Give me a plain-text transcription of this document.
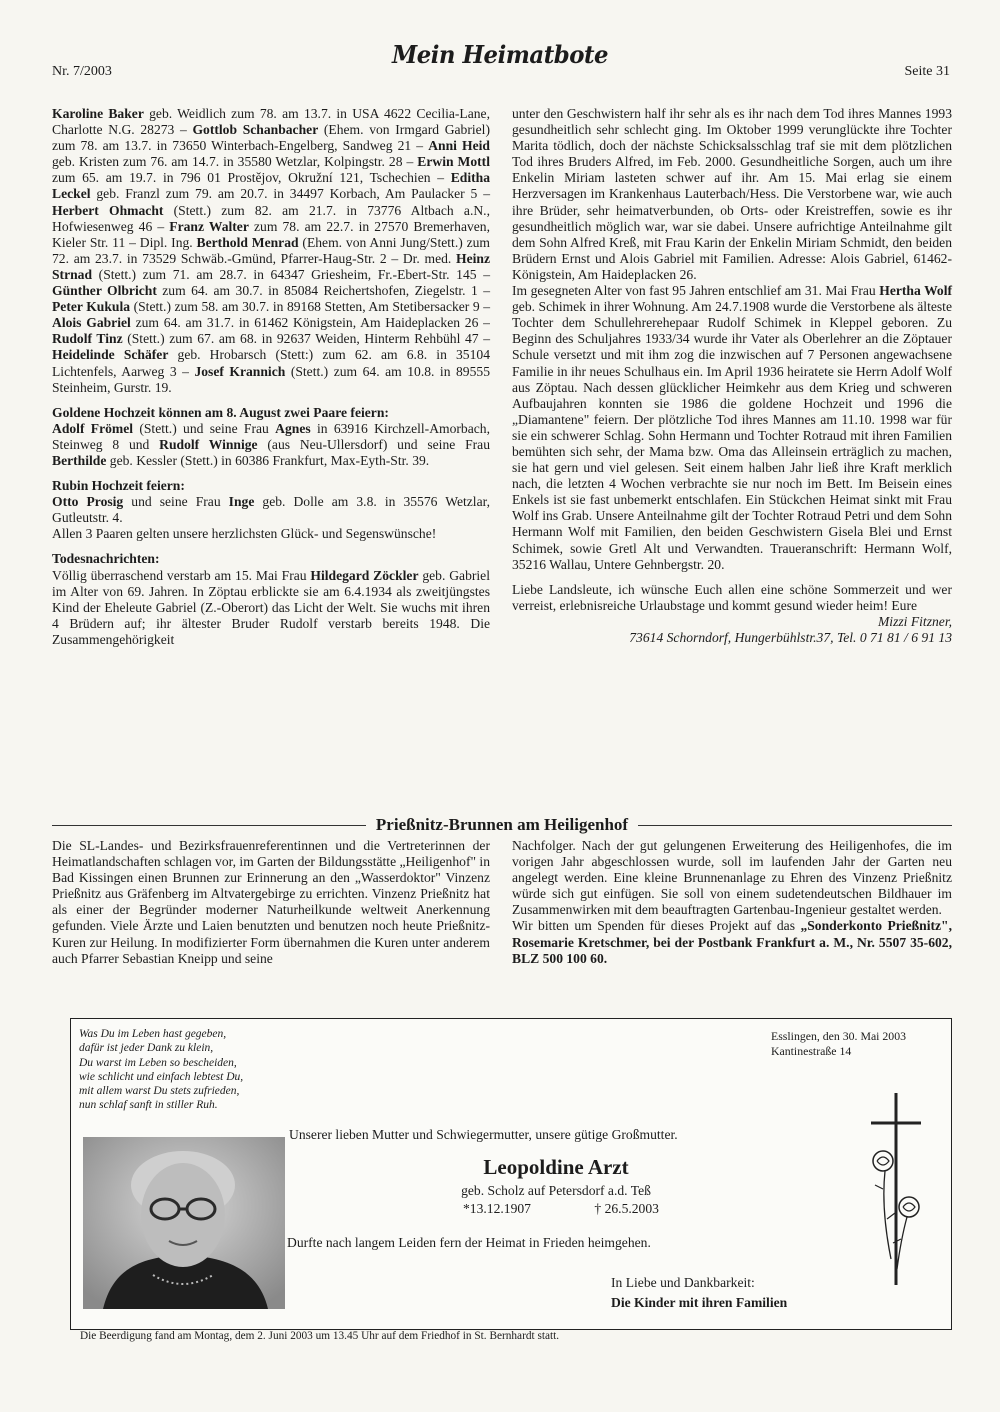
Nr. 7/2003
Mein Heimatbote
Seite 31

Karoline Baker geb. Weidlich zum 78. am 13.7. in USA 4622 Cecilia-Lane, Charlotte N.G. 28273 – Gottlob Schanbacher (Ehem. von Irmgard Gabriel) zum 78. am 13.7. in 73650 Winterbach-Engelberg, Sandweg 21 – Anni Heid geb. Kristen zum 76. am 14.7. in 35580 Wetzlar, Kolpingstr. 28 – Erwin Mottl zum 65. am 19.7. in 796 01 Prostějov, Okružní 121, Tschechien – Editha Leckel geb. Franzl zum 79. am 20.7. in 34497 Korbach, Am Paulacker 5 – Herbert Ohmacht (Stett.) zum 82. am 21.7. in 73776 Altbach a.N., Hofwiesenweg 46 – Franz Walter zum 78. am 22.7. in 27570 Bremerhaven, Kieler Str. 11 – Dipl. Ing. Berthold Menrad (Ehem. von Anni Jung/Stett.) zum 72. am 23.7. in 73529 Schwäb.-Gmünd, Pfarrer-Haug-Str. 2 – Dr. med. Heinz Strnad (Stett.) zum 71. am 28.7. in 64347 Griesheim, Fr.-Ebert-Str. 145 – Günther Olbricht zum 64. am 30.7. in 85084 Reichertshofen, Ziegelstr. 1 – Peter Kukula (Stett.) zum 58. am 30.7. in 89168 Stetten, Am Stetibersacker 9 – Alois Gabriel zum 64. am 31.7. in 61462 Königstein, Am Haideplacken 26 – Rudolf Tinz (Stett.) zum 67. am 68. in 92637 Weiden, Hinterm Rehbühl 47 – Heidelinde Schäfer geb. Hrobarsch (Stett:) zum 62. am 6.8. in 35104 Lichtenfels, Aarweg 3 – Josef Krannich (Stett.) zum 64. am 10.8. in 89555 Steinheim, Gurstr. 19.

Goldene Hochzeit können am 8. August zwei Paare feiern:

Adolf Frömel (Stett.) und seine Frau Agnes in 63916 Kirchzell-Amorbach, Steinweg 8 und Rudolf Winnige (aus Neu-Ullersdorf) und seine Frau Berthilde geb. Kessler (Stett.) in 60386 Frankfurt, Max-Eyth-Str. 39.

Rubin Hochzeit feiern:

Otto Prosig und seine Frau Inge geb. Dolle am 3.8. in 35576 Wetzlar, Gutleutstr. 4.

Allen 3 Paaren gelten unsere herzlichsten Glück- und Segenswünsche!

Todesnachrichten:

Völlig überraschend verstarb am 15. Mai Frau Hildegard Zöckler geb. Gabriel im Alter von 69. Jahren. In Zöptau erblickte sie am 6.4.1934 als zweitjüngstes Kind der Eheleute Gabriel (Z.-Oberort) das Licht der Welt. Sie wuchs mit ihren 4 Brüdern auf; ihr ältester Bruder Rudolf verstarb bereits 1948. Die Zusammengehörigkeit

unter den Geschwistern half ihr sehr als es ihr nach dem Tod ihres Mannes 1993 gesundheitlich sehr schlecht ging. Im Oktober 1999 verunglückte ihre Tochter Marita tödlich, doch der nächste Schicksalsschlag traf sie mit dem plötzlichen Tod ihres Bruders Alfred, im Feb. 2000. Gesundheitliche Sorgen, auch um ihre Enkelin Miriam lasteten schwer auf ihr. Am 15. Mai erlag sie einem Herzversagen im Krankenhaus Lauterbach/Hess. Die Verstorbene war, wie auch ihre Brüder, sehr heimatverbunden, ob Orts- oder Kreistreffen, sowie es ihr gesundheitlich möglich war, war sie dabei. Unsere aufrichtige Anteilnahme gilt dem Sohn Alfred Kreß, mit Frau Karin der Enkelin Miriam Schmidt, den beiden Brüdern Ernst und Alois Gabriel mit Familien. Adresse: Alois Gabriel, 61462-Königstein, Am Haideplacken 26.

Im gesegneten Alter von fast 95 Jahren entschlief am 31. Mai Frau Hertha Wolf geb. Schimek in ihrer Wohnung. Am 24.7.1908 wurde die Verstorbene als älteste Tochter dem Schullehrerehepaar Rudolf Schimek in Kleppel geboren. Zu Beginn des Schuljahres 1933/34 wurde ihr Vater als Oberlehrer an die Zöptauer Schule versetzt und mit ihm zog die inzwischen auf 7 Personen angewachsene Familie in ihr neues Schulhaus ein. Im April 1936 heiratete sie Herrn Adolf Wolf aus Zöptau. Nach dessen glücklicher Heimkehr aus dem Krieg und schweren Aufbaujahren konnten sie 1986 die goldene Hochzeit und 1996 die „Diamantene" feiern. Der plötzliche Tod ihres Mannes am 11.10. 1998 war für sie ein schwerer Schlag. Sohn Hermann und Tochter Rotraud mit ihren Familien bemühten sich sehr, der Mama bzw. Oma das Alleinsein erträglich zu machen, sie hat gern und viel gelesen. Seit einem halben Jahr ließ ihre Kraft merklich nach, die letzten 4 Wochen verbrachte sie nur noch im Bett. Im Beisein eines Enkels ist sie fast unbemerkt entschlafen. Ein Stückchen Heimat sinkt mit Frau Wolf ins Grab. Unsere Anteilnahme gilt der Tochter Rotraud Petri und dem Sohn Hermann Wolf mit Familien, den beiden Geschwistern Gisela Blei und Ernst Schimek, sowie Gretl Alt und Verwandten. Traueranschrift: Hermann Wolf, 35216 Wallau, Untere Gehnbergstr. 20.

Liebe Landsleute, ich wünsche Euch allen eine schöne Sommerzeit und wer verreist, erlebnisreiche Urlaubstage und kommt gesund wieder heim! Eure

Mizzi Fitzner,

73614 Schorndorf, Hungerbühlstr.37, Tel. 0 71 81 / 6 91 13

Prießnitz-Brunnen am Heiligenhof

Die SL-Landes- und Bezirksfrauenreferentinnen und die Vertreterinnen der Heimatlandschaften schlagen vor, im Garten der Bildungsstätte „Heiligenhof" in Bad Kissingen einen Brunnen zur Erinnerung an den „Wasserdoktor" Vinzenz Prießnitz aus Gräfenberg im Altvatergebirge zu errichten. Vinzenz Prießnitz hat als einer der Begründer moderner Naturheilkunde weltweit Anerkennung gefunden. Viele Ärzte und Laien benutzten und benutzen noch heute Prießnitz-Kuren zur Heilung. In modifizierter Form übernahmen die Kuren unter anderem auch Pfarrer Sebastian Kneipp und seine

Nachfolger. Nach der gut gelungenen Erweiterung des Heiligenhofes, die im vorigen Jahr abgeschlossen wurde, soll im laufenden Jahr der Garten neu angelegt werden. Eine kleine Brunnenanlage zu Ehren des Vinzenz Prießnitz würde sich gut einfügen. Sie soll von einem sudetendeutschen Bildhauer im Zusammenwirken mit dem beauftragten Gartenbau-Ingenieur gestaltet werden.

Wir bitten um Spenden für dieses Projekt auf das „Sonderkonto Prießnitz", Rosemarie Kretschmer, bei der Postbank Frankfurt a. M., Nr. 5507 35-602, BLZ 500 100 60.

Was Du im Leben hast gegeben,
dafür ist jeder Dank zu klein,
Du warst im Leben so bescheiden,
wie schlicht und einfach lebtest Du,
mit allem warst Du stets zufrieden,
nun schlaf sanft in stiller Ruh.
Esslingen, den 30. Mai 2003
Kantinestraße 14
Unserer lieben Mutter und Schwiegermutter, unsere gütige Großmutter.
Leopoldine Arzt
geb. Scholz auf Petersdorf a.d. Teß
*13.12.1907	† 26.5.2003
Durfte nach langem Leiden fern der Heimat in Frieden heimgehen.
In Liebe und Dankbarkeit:
Die Kinder mit ihren Familien
Die Beerdigung fand am Montag, dem 2. Juni 2003 um 13.45 Uhr auf dem Friedhof in St. Bernhardt statt.
